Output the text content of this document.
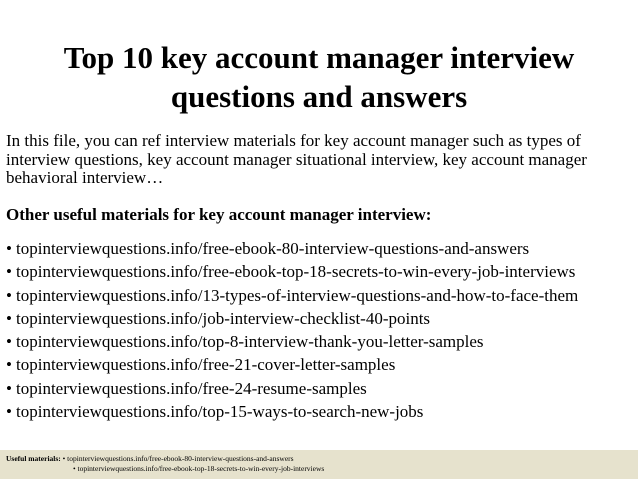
Top 10 key account manager interview
questions and answers
In this file, you can ref interview materials for key account manager such as types of
interview questions, key account manager situational interview, key account manager
behavioral interview…
Other useful materials for key account manager interview:
• topinterviewquestions.info/free-ebook-80-interview-questions-and-answers
• topinterviewquestions.info/free-ebook-top-18-secrets-to-win-every-job-interviews
• topinterviewquestions.info/13-types-of-interview-questions-and-how-to-face-them
• topinterviewquestions.info/job-interview-checklist-40-points
• topinterviewquestions.info/top-8-interview-thank-you-letter-samples
• topinterviewquestions.info/free-21-cover-letter-samples
• topinterviewquestions.info/free-24-resume-samples
• topinterviewquestions.info/top-15-ways-to-search-new-jobs
Useful materials: • topinterviewquestions.info/free-ebook-80-interview-questions-and-answers
• topinterviewquestions.info/free-ebook-top-18-secrets-to-win-every-job-interviews
